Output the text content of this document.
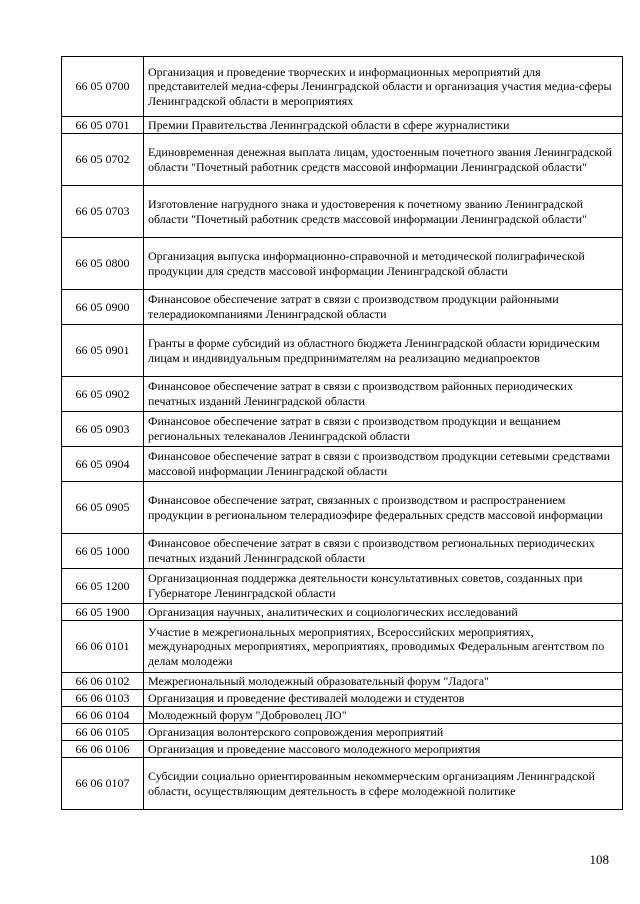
66 05 0700	Организация и проведение творческих и информационных мероприятий для представителей медиа-сферы Ленинградской области и организация участия медиа-сферы Ленинградской области в мероприятиях
66 05 0701	Премии Правительства Ленинградской области в сфере журналистики
66 05 0702	Единовременная денежная выплата лицам, удостоенным почетного звания Ленинградской области "Почетный работник средств массовой информации Ленинградской области"
66 05 0703	Изготовление нагрудного знака и удостоверения к почетному званию Ленинградской области "Почетный работник средств массовой информации Ленинградской области"
66 05 0800	Организация выпуска информационно-справочной и методической полиграфической продукции для средств массовой информации Ленинградской области
66 05 0900	Финансовое обеспечение затрат в связи с производством продукции районными телерадиокомпаниями Ленинградской области
66 05 0901	Гранты в форме субсидий из областного бюджета Ленинградской области юридическим лицам и индивидуальным предпринимателям на реализацию медиапроектов
66 05 0902	Финансовое обеспечение затрат в связи с производством районных периодических печатных изданий Ленинградской области
66 05 0903	Финансовое обеспечение затрат в связи с производством продукции и вещанием региональных телеканалов Ленинградской области
66 05 0904	Финансовое обеспечение затрат в связи с производством продукции сетевыми средствами массовой информации Ленинградской области
66 05 0905	Финансовое обеспечение затрат, связанных с производством и распространением продукции в региональном телерадиоэфире федеральных средств массовой информации
66 05 1000	Финансовое обеспечение затрат в связи с производством региональных периодических печатных изданий Ленинградской области
66 05 1200	Организационная поддержка деятельности консультативных советов, созданных при Губернаторе Ленинградской области
66 05 1900	Организация научных, аналитических и социологических исследований
66 06 0101	Участие в межрегиональных мероприятиях, Всероссийских мероприятиях, международных мероприятиях, мероприятиях, проводимых Федеральным агентством по делам молодежи
66 06 0102	Межрегиональный молодежный образовательный форум "Ладога"
66 06 0103	Организация и проведение фестивалей молодежи и студентов
66 06 0104	Молодежный форум "Доброволец ЛО"
66 06 0105	Организация волонтерского сопровождения мероприятий
66 06 0106	Организация и проведение массового молодежного мероприятия
66 06 0107	Субсидии социально ориентированным некоммерческим организациям Ленинградской области, осуществляющим деятельность в сфере молодежной политике
108
